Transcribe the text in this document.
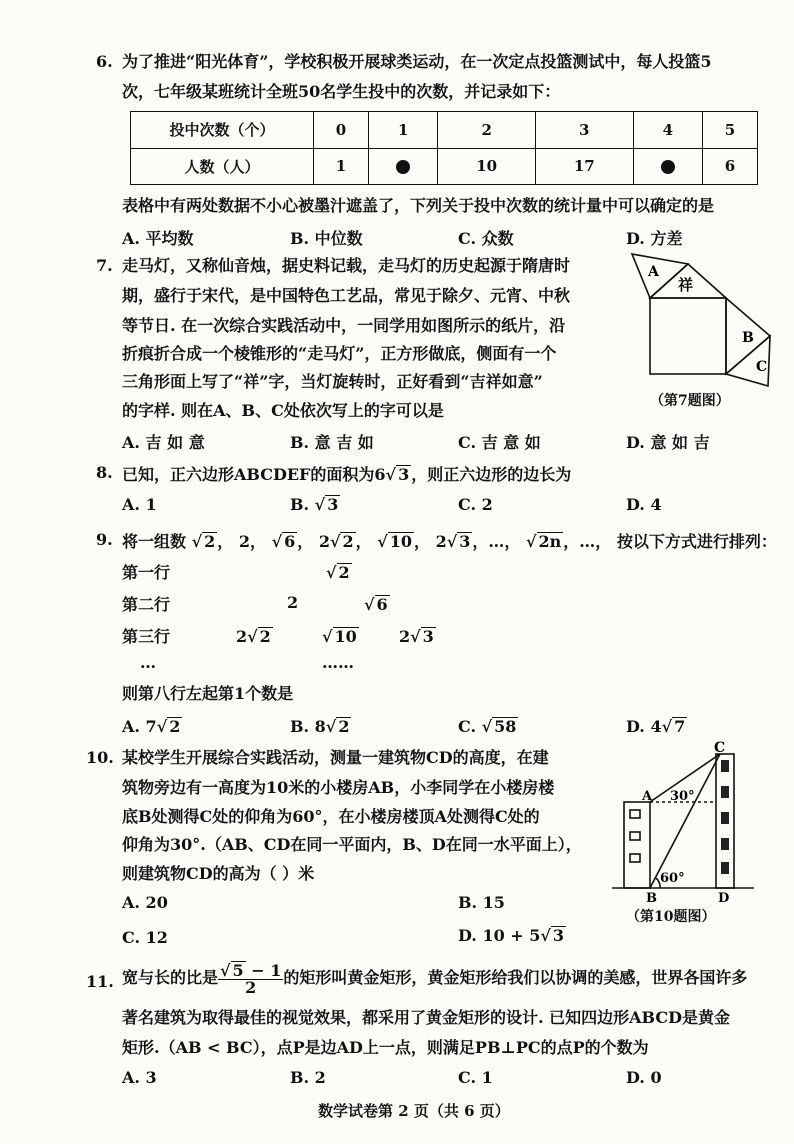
6. 为了推进“阳光体育”，学校积极开展球类运动，在一次定点投篮测试中，每人投篮5
次，七年级某班统计全班50名学生投中的次数，并记录如下：
投中次数（个）	0	1	2	3	4	5
人数（人）	1		10	17		6
表格中有两处数据不小心被墨汁遮盖了，下列关于投中次数的统计量中可以确定的是
A. 平均数	B. 中位数	C. 众数	D. 方差
7. 走马灯，又称仙音烛，据史料记载，走马灯的历史起源于隋唐时
期，盛行于宋代，是中国特色工艺品，常见于除夕、元宵、中秋
等节日. 在一次综合实践活动中，一同学用如图所示的纸片，沿
折痕折合成一个棱锥形的“走马灯”，正方形做底，侧面有一个
三角形面上写了“祥”字，当灯旋转时，正好看到“吉祥如意”
的字样. 则在A、B、C处依次写上的字可以是
A
祥
B
C
（第7题图）
A. 吉 如 意	B. 意 吉 如	C. 吉 意 如	D. 意 如 吉
8. 已知，正六边形ABCDEF的面积为6√ 3 ，则正六边形的边长为
A. 1	B. √ 3	C. 2	D. 4
9. 将一组数 √ 2 ， 2， √ 6 ， 2√ 2 ， √ 10 ， 2√ 3 ，…， √ 2n ，…， 按以下方式进行排列：
第一行	√ 2
第二行	2	√ 6
第三行	2√ 2	√ 10	2√ 3
…	……
则第八行左起第1个数是
A. 7√ 2	B. 8√ 2	C. √ 58	D. 4√ 7
10. 某校学生开展综合实践活动，测量一建筑物CD的高度，在建
筑物旁边有一高度为10米的小楼房AB，小李同学在小楼房楼
底B处测得C处的仰角为60°，在小楼房楼顶A处测得C处的
仰角为30°.（AB、CD在同一平面内，B、D在同一水平面上），
则建筑物CD的高为（ ）米
C
A 30°
60°
B	D
（第10题图）
A. 20	B. 15
C. 12	D. 10 + 5√ 3
11. 宽与长的比是 $\frac{√ 5 - 1}{2}$ 的矩形叫黄金矩形，黄金矩形给我们以协调的美感，世界各国许多
著名建筑为取得最佳的视觉效果，都采用了黄金矩形的设计. 已知四边形ABCD是黄金
矩形.（AB < BC），点P是边AD上一点，则满足PB⊥PC的点P的个数为
A. 3	B. 2	C. 1	D. 0
数学试卷第 2 页（共 6 页）
